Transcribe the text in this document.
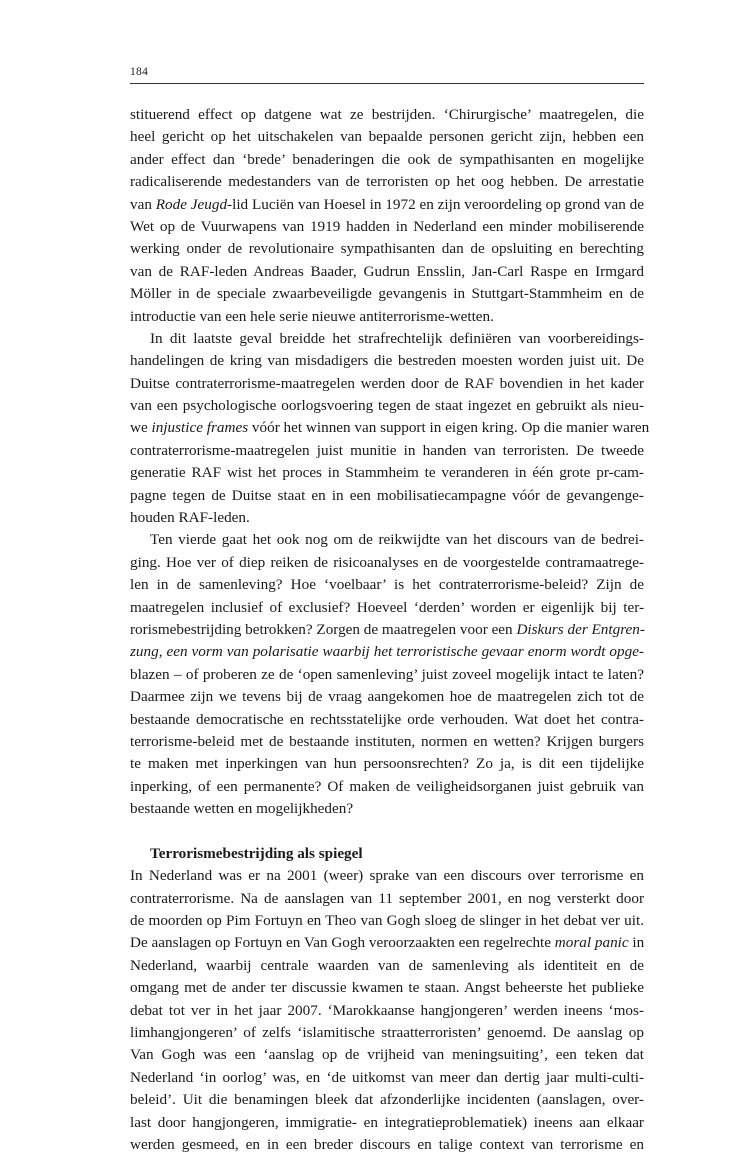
184
stituerend effect op datgene wat ze bestrijden. ‘Chirurgische’ maatregelen, die
heel gericht op het uitschakelen van bepaalde personen gericht zijn, hebben een
ander effect dan ‘brede’ benaderingen die ook de sympathisanten en mogelijke
radicaliserende medestanders van de terroristen op het oog hebben. De arrestatie
van Rode Jeugd-lid Luciën van Hoesel in 1972 en zijn veroordeling op grond van de
Wet op de Vuurwapens van 1919 hadden in Nederland een minder mobiliserende
werking onder de revolutionaire sympathisanten dan de opsluiting en berechting
van de RAF-leden Andreas Baader, Gudrun Ensslin, Jan-Carl Raspe en Irmgard
Möller in de speciale zwaarbeveiligde gevangenis in Stuttgart-Stammheim en de
introductie van een hele serie nieuwe antiterrorisme-wetten.
In dit laatste geval breidde het strafrechtelijk definiëren van voorbereidings-
handelingen de kring van misdadigers die bestreden moesten worden juist uit. De
Duitse contraterrorisme-maatregelen werden door de RAF bovendien in het kader
van een psychologische oorlogsvoering tegen de staat ingezet en gebruikt als nieu-
we injustice frames vóór het winnen van support in eigen kring. Op die manier waren
contraterrorisme-maatregelen juist munitie in handen van terroristen. De tweede
generatie RAF wist het proces in Stammheim te veranderen in één grote pr-cam-
pagne tegen de Duitse staat en in een mobilisatiecampagne vóór de gevangenge-
houden RAF-leden.
Ten vierde gaat het ook nog om de reikwijdte van het discours van de bedrei-
ging. Hoe ver of diep reiken de risicoanalyses en de voorgestelde contramaatrege-
len in de samenleving? Hoe ‘voelbaar’ is het contraterrorisme-beleid? Zijn de
maatregelen inclusief of exclusief? Hoeveel ‘derden’ worden er eigenlijk bij ter-
rorismebestrijding betrokken? Zorgen de maatregelen voor een Diskurs der Entgren-
zung, een vorm van polarisatie waarbij het terroristische gevaar enorm wordt opge-
blazen – of proberen ze de ‘open samenleving’ juist zoveel mogelijk intact te laten?
Daarmee zijn we tevens bij de vraag aangekomen hoe de maatregelen zich tot de
bestaande democratische en rechtsstatelijke orde verhouden. Wat doet het contra-
terrorisme-beleid met de bestaande instituten, normen en wetten? Krijgen burgers
te maken met inperkingen van hun persoonsrechten? Zo ja, is dit een tijdelijke
inperking, of een permanente? Of maken de veiligheidsorganen juist gebruik van
bestaande wetten en mogelijkheden?
Terrorismebestrijding als spiegel
In Nederland was er na 2001 (weer) sprake van een discours over terrorisme en
contraterrorisme. Na de aanslagen van 11 september 2001, en nog versterkt door
de moorden op Pim Fortuyn en Theo van Gogh sloeg de slinger in het debat ver uit.
De aanslagen op Fortuyn en Van Gogh veroorzaakten een regelrechte moral panic in
Nederland, waarbij centrale waarden van de samenleving als identiteit en de
omgang met de ander ter discussie kwamen te staan. Angst beheerste het publieke
debat tot ver in het jaar 2007. ‘Marokkaanse hangjongeren’ werden ineens ‘mos-
limhangjongeren’ of zelfs ‘islamitische straatterroristen’ genoemd. De aanslag op
Van Gogh was een ‘aanslag op de vrijheid van meningsuiting’, een teken dat
Nederland ‘in oorlog’ was, en ‘de uitkomst van meer dan dertig jaar multi-culti-
beleid’. Uit die benamingen bleek dat afzonderlijke incidenten (aanslagen, over-
last door hangjongeren, immigratie- en integratieproblematiek) ineens aan elkaar
werden gesmeed, en in een breder discours en talige context van terrorisme en
